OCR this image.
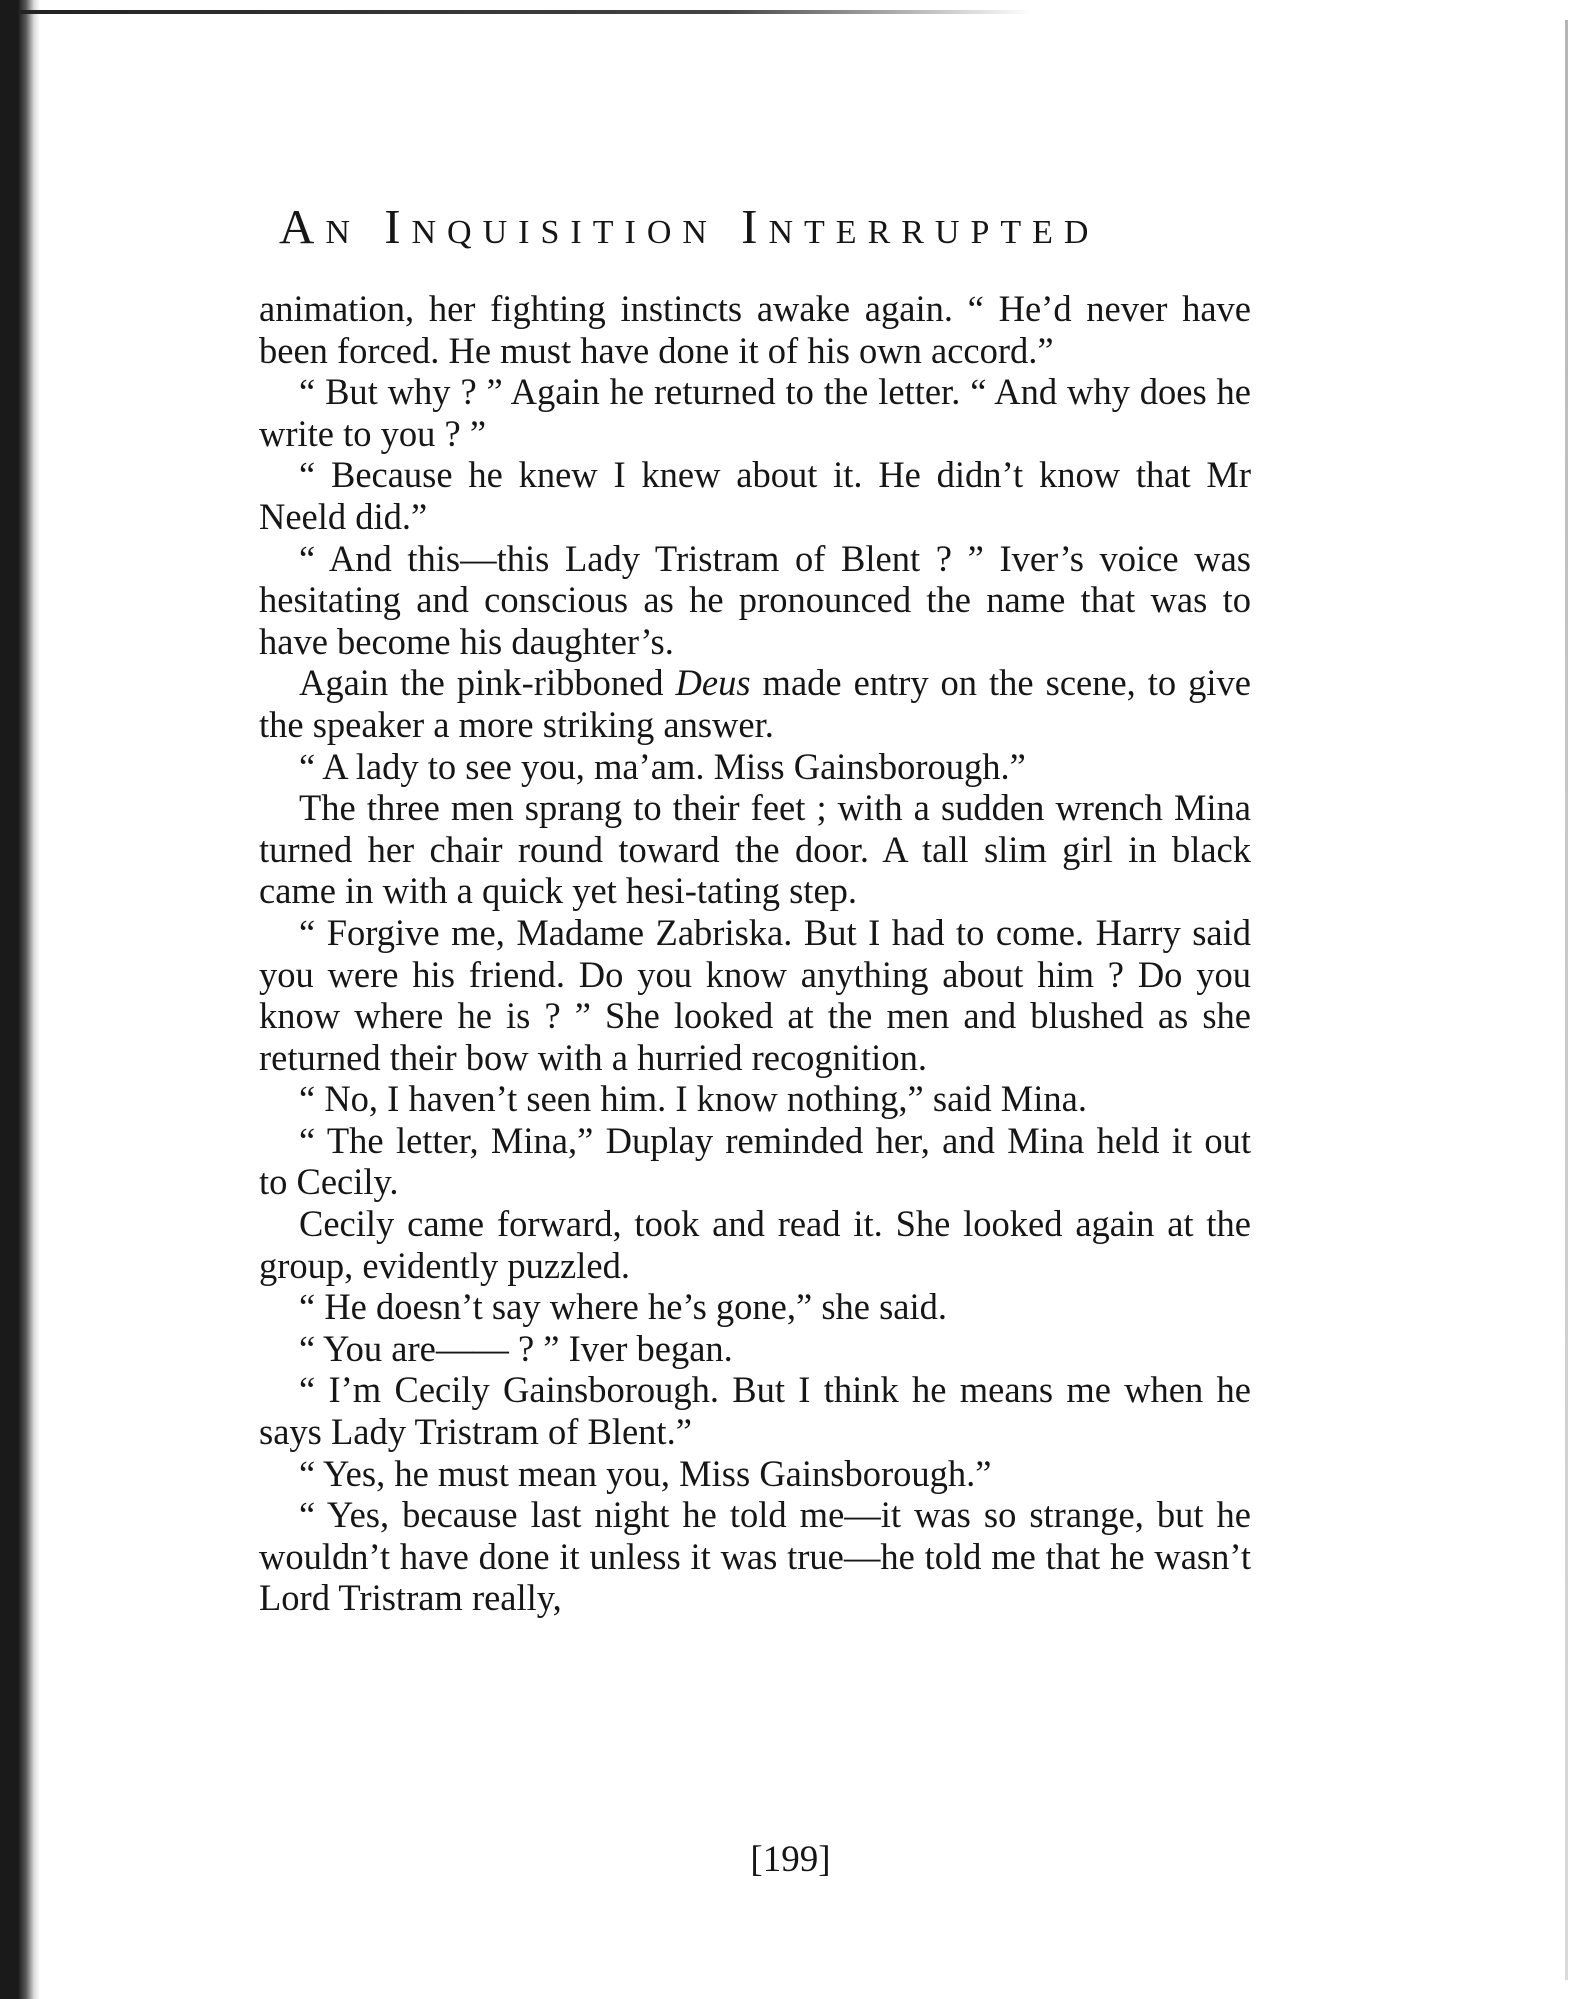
An Inquisition Interrupted

animation, her fighting instincts awake again. “ He’d never have been forced. He must have done it of his own accord.”

“ But why ? ” Again he returned to the letter. “ And why does he write to you ? ”

“ Because he knew I knew about it. He didn’t know that Mr Neeld did.”

“ And this—this Lady Tristram of Blent ? ” Iver’s voice was hesitating and conscious as he pronounced the name that was to have become his daughter’s.

Again the pink-ribboned Deus made entry on the scene, to give the speaker a more striking answer.

“ A lady to see you, ma’am. Miss Gainsborough.”

The three men sprang to their feet ; with a sudden wrench Mina turned her chair round toward the door. A tall slim girl in black came in with a quick yet hesi-tating step.

“ Forgive me, Madame Zabriska. But I had to come. Harry said you were his friend. Do you know anything about him ? Do you know where he is ? ” She looked at the men and blushed as she returned their bow with a hurried recognition.

“ No, I haven’t seen him. I know nothing,” said Mina.

“ The letter, Mina,” Duplay reminded her, and Mina held it out to Cecily.

Cecily came forward, took and read it. She looked again at the group, evidently puzzled.

“ He doesn’t say where he’s gone,” she said.

“ You are—— ? ” Iver began.

“ I’m Cecily Gainsborough. But I think he means me when he says Lady Tristram of Blent.”

“ Yes, he must mean you, Miss Gainsborough.”

“ Yes, because last night he told me—it was so strange, but he wouldn’t have done it unless it was true—he told me that he wasn’t Lord Tristram really,

[199]
